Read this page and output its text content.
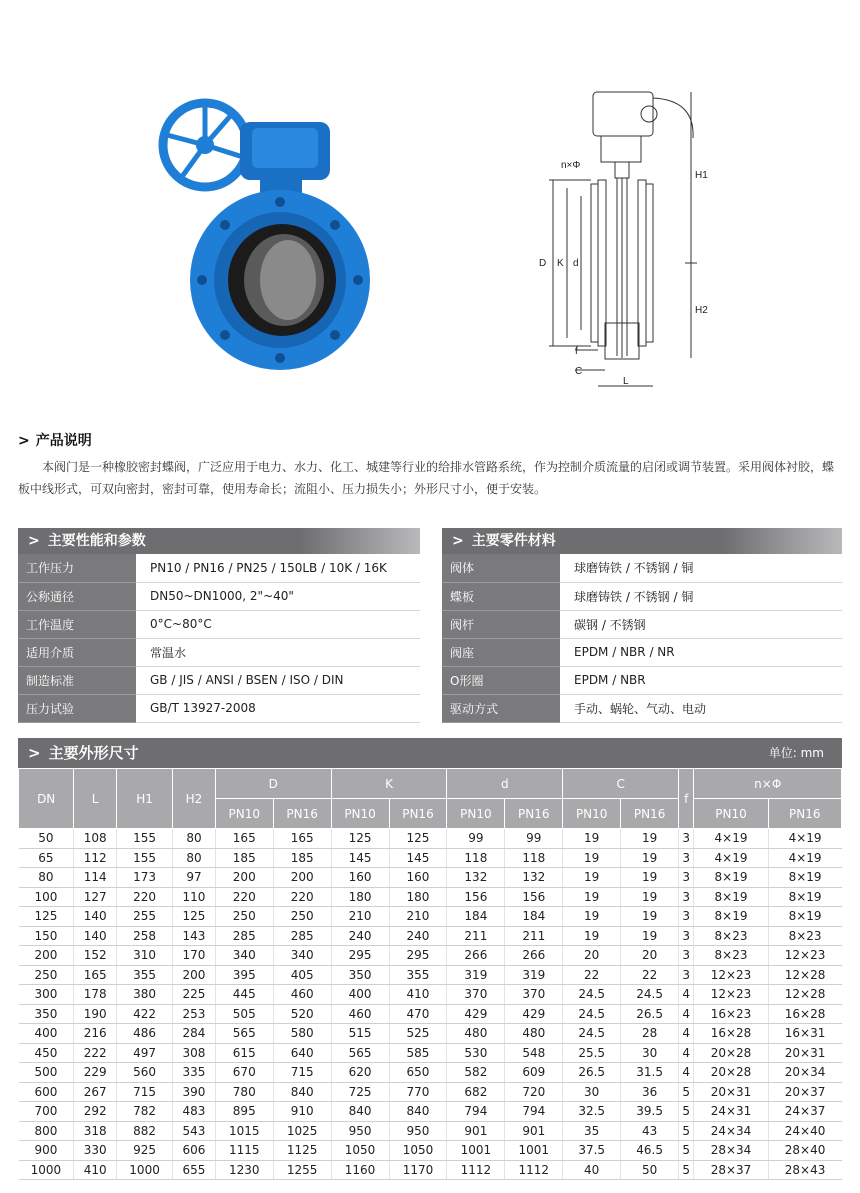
n×Φ
D K d
H1
H2
f
C
L
> 产品说明

本阀门是一种橡胶密封蝶阀，广泛应用于电力、水力、化工、城建等行业的给排水管路系统，作为控制介质流量的启闭或调节装置。采用阀体衬胶，蝶板中线形式，可双向密封，密封可靠，使用寿命长；流阻小、压力损失小；外形尺寸小，便于安装。

> 主要性能和参数
工作压力	PN10 / PN16 / PN25 / 150LB / 10K / 16K
公称通径	DN50~DN1000, 2"~40"
工作温度	0°C~80°C
适用介质	常温水
制造标准	GB / JIS / ANSI / BSEN / ISO / DIN
压力试验	GB/T 13927-2008
> 主要零件材料
阀体	球磨铸铁 / 不锈钢 / 铜
蝶板	球磨铸铁 / 不锈钢 / 铜
阀杆	碳钢 / 不锈钢
阀座	EPDM / NBR / NR
O形圈	EPDM / NBR
驱动方式	手动、蜗轮、气动、电动
> 主要外形尺寸	单位: mm
DN	L	H1	H2	D		K		d		C		f	n×Φ	
				PN10	PN16	PN10	PN16	PN10	PN16	PN10	PN16		PN10	PN16
50	108	155	80	165	165	125	125	99	99	19	19	3	4×19	4×19
65	112	155	80	185	185	145	145	118	118	19	19	3	4×19	4×19
80	114	173	97	200	200	160	160	132	132	19	19	3	8×19	8×19
100	127	220	110	220	220	180	180	156	156	19	19	3	8×19	8×19
125	140	255	125	250	250	210	210	184	184	19	19	3	8×19	8×19
150	140	258	143	285	285	240	240	211	211	19	19	3	8×23	8×23
200	152	310	170	340	340	295	295	266	266	20	20	3	8×23	12×23
250	165	355	200	395	405	350	355	319	319	22	22	3	12×23	12×28
300	178	380	225	445	460	400	410	370	370	24.5	24.5	4	12×23	12×28
350	190	422	253	505	520	460	470	429	429	24.5	26.5	4	16×23	16×28
400	216	486	284	565	580	515	525	480	480	24.5	28	4	16×28	16×31
450	222	497	308	615	640	565	585	530	548	25.5	30	4	20×28	20×31
500	229	560	335	670	715	620	650	582	609	26.5	31.5	4	20×28	20×34
600	267	715	390	780	840	725	770	682	720	30	36	5	20×31	20×37
700	292	782	483	895	910	840	840	794	794	32.5	39.5	5	24×31	24×37
800	318	882	543	1015	1025	950	950	901	901	35	43	5	24×34	24×40
900	330	925	606	1115	1125	1050	1050	1001	1001	37.5	46.5	5	28×34	28×40
1000	410	1000	655	1230	1255	1160	1170	1112	1112	40	50	5	28×37	28×43
